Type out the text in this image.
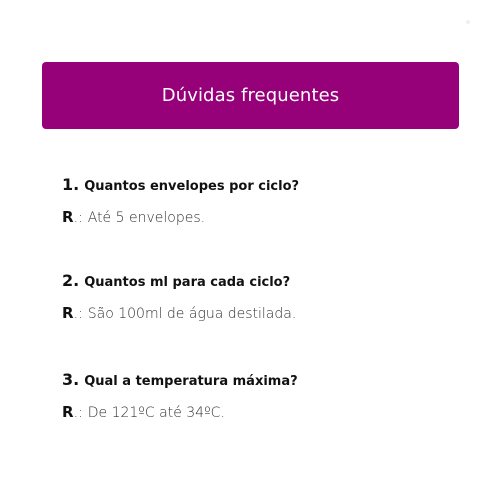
Dúvidas frequentes
1. Quantos envelopes por ciclo?
R .: Até 5 envelopes.
2. Quantos ml para cada ciclo?
R .: São 100ml de água destilada.
3. Qual a temperatura máxima?
R .: De 121ºC até 34ºC.
